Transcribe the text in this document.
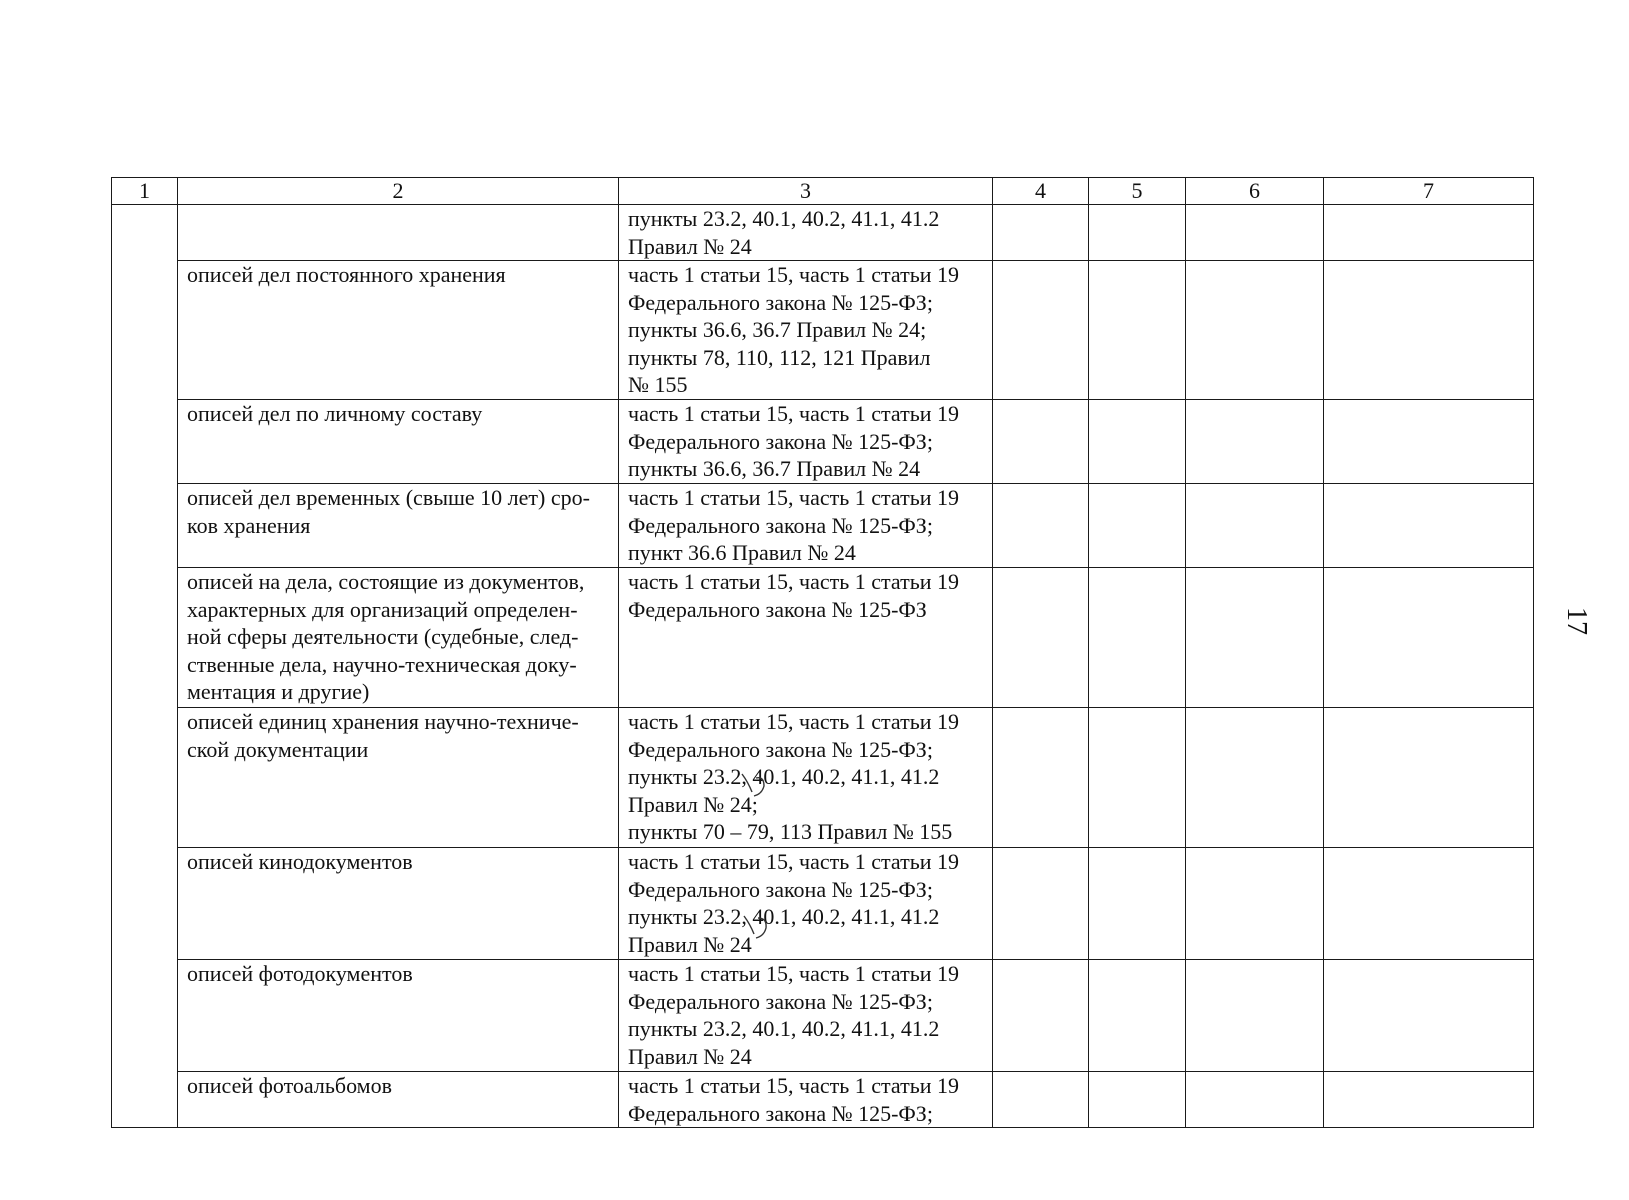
1	2	3	4	5	6	7
		пункты 23.2, 40.1, 40.2, 41.1, 41.2
Правил № 24				
	описей дел постоянного хранения	часть 1 статьи 15, часть 1 статьи 19
Федерального закона № 125-ФЗ;
пункты 36.6, 36.7 Правил № 24;
пункты 78, 110, 112, 121 Правил
№ 155				
	описей дел по личному составу	часть 1 статьи 15, часть 1 статьи 19
Федерального закона № 125-ФЗ;
пункты 36.6, 36.7 Правил № 24				
	описей дел временных (свыше 10 лет) сро-
ков хранения	часть 1 статьи 15, часть 1 статьи 19
Федерального закона № 125-ФЗ;
пункт 36.6 Правил № 24				
	описей на дела, состоящие из документов,
характерных для организаций определен-
ной сферы деятельности (судебные, след-
ственные дела, научно-техническая доку-
ментация и другие)	часть 1 статьи 15, часть 1 статьи 19
Федерального закона № 125-ФЗ				
	описей единиц хранения научно-техниче-
ской документации	часть 1 статьи 15, часть 1 статьи 19
Федерального закона № 125-ФЗ;
пункты 23.2, 40.1, 40.2, 41.1, 41.2
Правил № 24;
пункты 70 – 79, 113 Правил № 155				
	описей кинодокументов	часть 1 статьи 15, часть 1 статьи 19
Федерального закона № 125-ФЗ;
пункты 23.2, 40.1, 40.2, 41.1, 41.2
Правил № 24				
	описей фотодокументов	часть 1 статьи 15, часть 1 статьи 19
Федерального закона № 125-ФЗ;
пункты 23.2, 40.1, 40.2, 41.1, 41.2
Правил № 24				
	описей фотоальбомов	часть 1 статьи 15, часть 1 статьи 19
Федерального закона № 125-ФЗ;				
17
